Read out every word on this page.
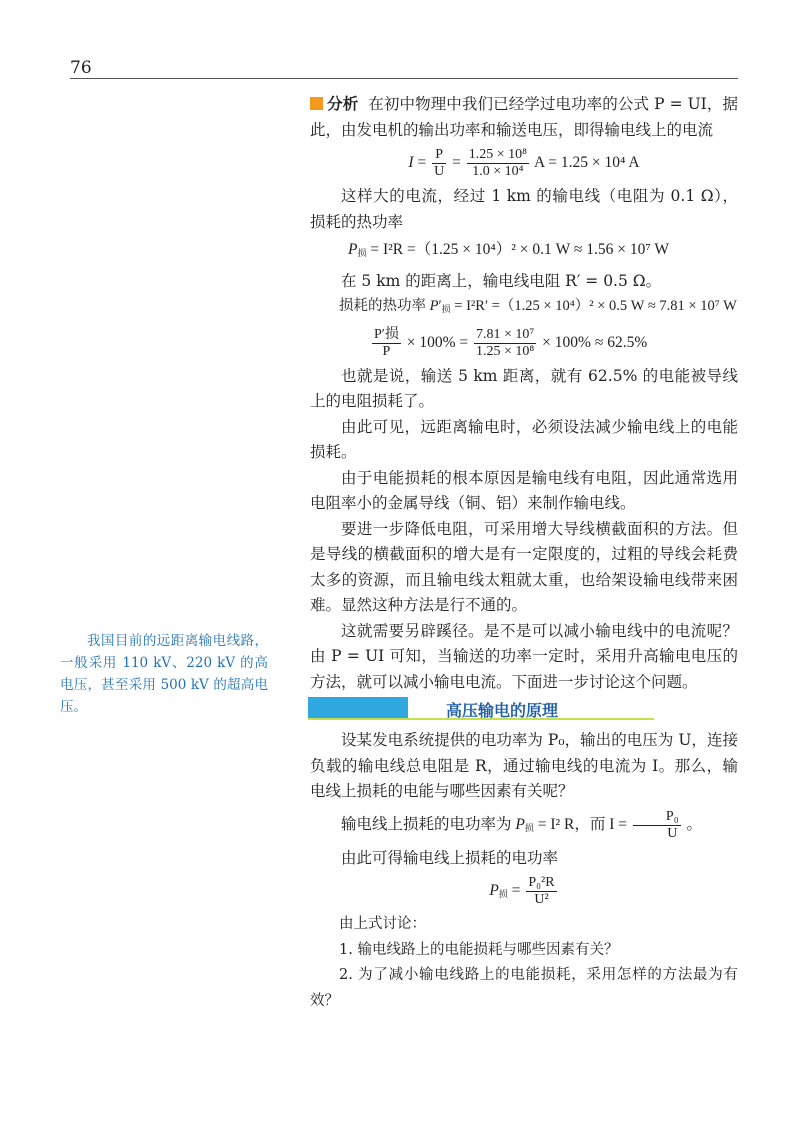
76

分析 在初中物理中我们已经学过电功率的公式 P = UI，据此，由发电机的输出功率和输送电压，即得输电线上的电流

$I = \frac{P}{U} = \frac{\text{1.25 × 10⁸}}{\text{1.0 × 10⁴}}$ A = 1.25 × 10⁴ A

这样大的电流，经过 1 km 的输电线（电阻为 0.1 Ω），损耗的热功率

$P_损 = I^2R =(1.25 \times 10^4)^2 \times 0.1$ W ≈ 1.56 × 10⁷ W

在 5 km 的距离上，输电线电阻 R′ = 0.5 Ω。

损耗的热功率 $P'_损 = I^2R' =(1.25 \times 10^4)^2 \times 0.5$ W ≈ 7.81 × 10⁷ W

$\frac{\text{P′损}}{P} \times 100\% = \frac{\text{7.81 × 10⁷}}{\text{1.25 × 10⁸}} \times 100\% \approx 62.5\%$

也就是说，输送 5 km 距离，就有 62.5% 的电能被导线上的电阻损耗了。

由此可见，远距离输电时，必须设法减少输电线上的电能损耗。

由于电能损耗的根本原因是输电线有电阻，因此通常选用电阻率小的金属导线（铜、铝）来制作输电线。

要进一步降低电阻，可采用增大导线横截面积的方法。但是导线的横截面积的增大是有一定限度的，过粗的导线会耗费太多的资源，而且输电线太粗就太重，也给架设输电线带来困难。显然这种方法是行不通的。

这就需要另辟蹊径。是不是可以减小输电线中的电流呢？由 P = UI 可知，当输送的功率一定时，采用升高输电电压的方法，就可以减小输电电流。下面进一步讨论这个问题。

我国目前的远距离输电线路，一般采用 110 kV、220 kV 的高电压，甚至采用 500 kV 的超高电压。	高压输电的原理

设某发电系统提供的电功率为 P₀，输出的电压为 U，连接负载的输电线总电阻是 R，通过输电线的电流为 I。那么，输电线上损耗的电能与哪些因素有关呢？

输电线上损耗的电功率为 $P_损 = I^2$ R，而 $I = \frac{\text{P₀}}{U}$ 。

由此可得输电线上损耗的电功率

$P_损 = \frac{\text{P₀²R}}{\text{U²}}$

由上式讨论：

1. 输电线路上的电能损耗与哪些因素有关？

2. 为了减小输电线路上的电能损耗，采用怎样的方法最为有效？
